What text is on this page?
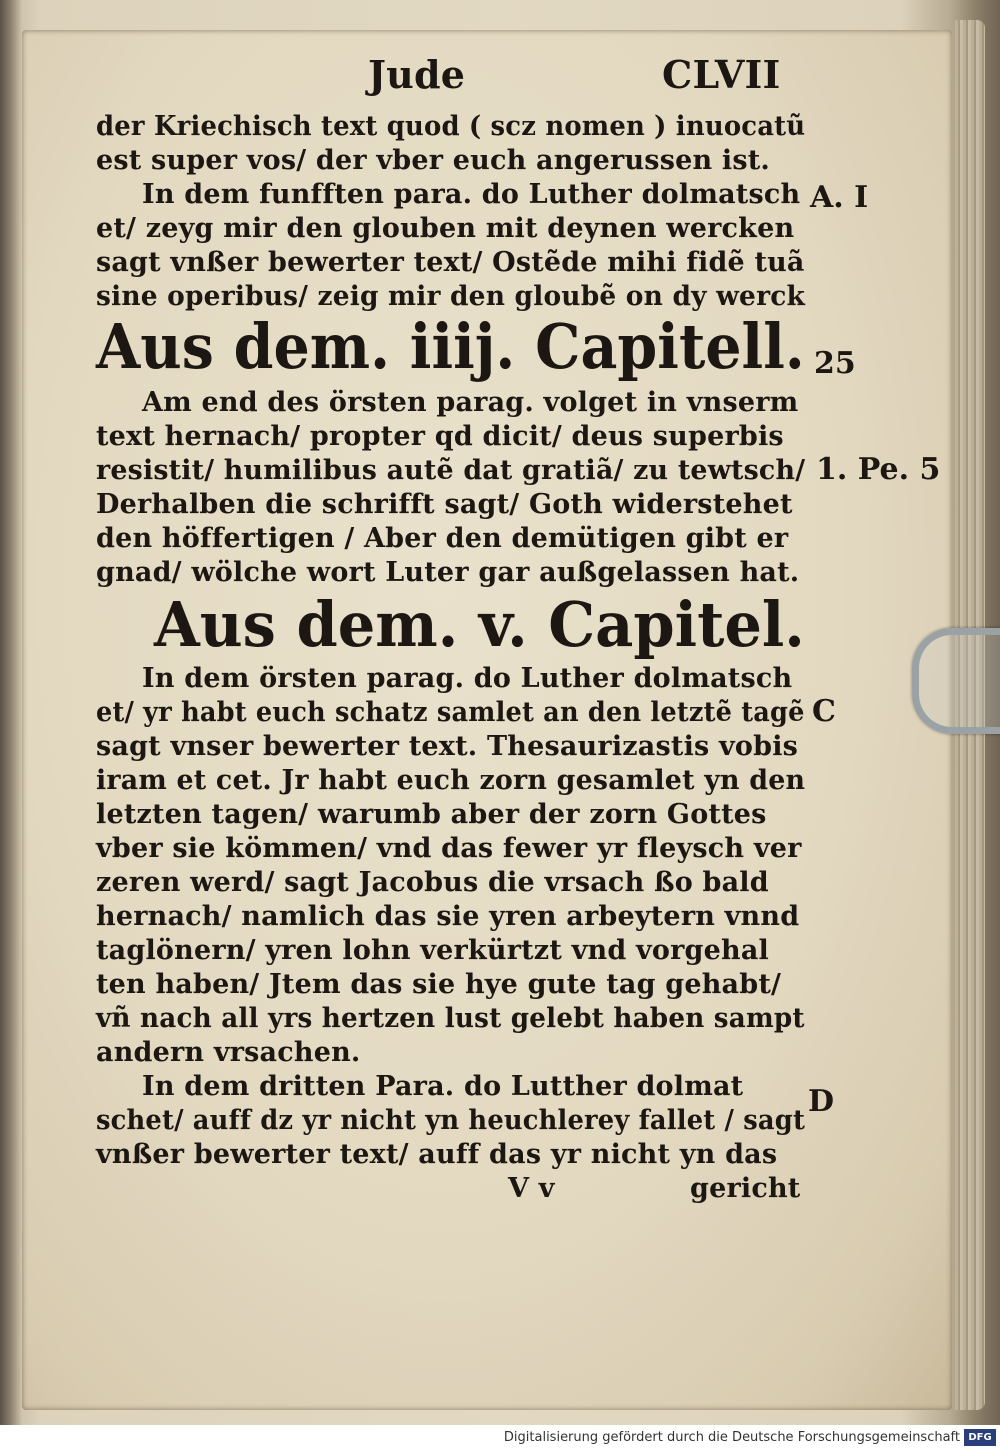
Jude	CLVII
der Kriechisch text quod ( scz nomen ) inuocatũ
est super vos/ der vber euch angerussen ist.
In dem funfften para. do Luther dolmatsch
et/ zeyg mir den glouben mit deynen wercken
sagt vnßer bewerter text/ Ostẽde mihi fidẽ tuã
sine operibus/ zeig mir den gloubẽ on dy werck
Aus dem. iiij. Capitell.
Am end des örsten parag. volget in vnserm
text hernach/ propter qd dicit/ deus superbis
resistit/ humilibus autẽ dat gratiã/ zu tewtsch/
Derhalben die schrifft sagt/ Goth widerstehet
den höffertigen / Aber den demütigen gibt er
gnad/ wölche wort Luter gar außgelassen hat.
Aus dem. v. Capitel.
In dem örsten parag. do Luther dolmatsch
et/ yr habt euch schatz samlet an den letztẽ tagẽ
sagt vnser bewerter text. Thesaurizastis vobis
iram et cet. Jr habt euch zorn gesamlet yn den
letzten tagen/ warumb aber der zorn Gottes
vber sie kömmen/ vnd das fewer yr fleysch ver
zeren werd/ sagt Jacobus die vrsach ßo bald
hernach/ namlich das sie yren arbeytern vnnd
taglönern/ yren lohn verkürtzt vnd vorgehal
ten haben/ Jtem das sie hye gute tag gehabt/
vñ nach all yrs hertzen lust gelebt haben sampt
andern vrsachen.
In dem dritten Para. do Lutther dolmat
schet/ auff dz yr nicht yn heuchlerey fallet / sagt
vnßer bewerter text/ auff das yr nicht yn das
V v	gericht
A. I
25
1. Pe. 5
C
D
Digitalisierung gefördert durch die Deutsche Forschungsgemeinschaft DFG
